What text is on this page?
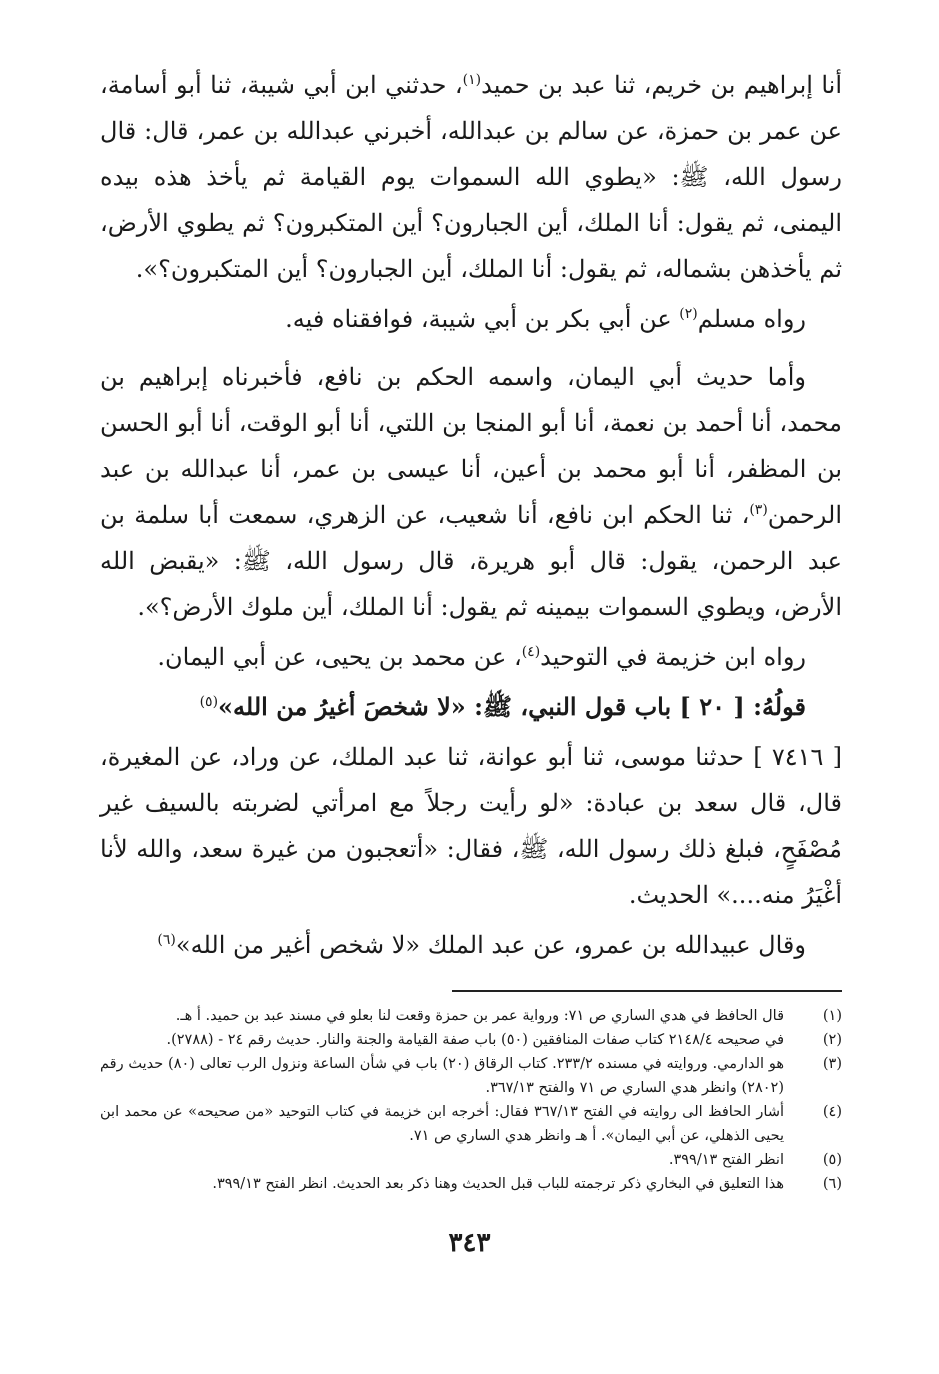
أنا إبراهيم بن خريم، ثنا عبد بن حميد$^{(١)}$، حدثني ابن أبي شيبة، ثنا أبو أسامة، عن عمر بن حمزة، عن سالم بن عبدالله، أخبرني عبدالله بن عمر، قال: قال رسول الله، ﷺ: «يطوي الله السموات يوم القيامة ثم يأخذ هذه بيده اليمنى، ثم يقول: أنا الملك، أين الجبارون؟ أين المتكبرون؟ ثم يطوي الأرض، ثم يأخذهن بشماله، ثم يقول: أنا الملك، أين الجبارون؟ أين المتكبرون؟».

رواه مسلم$^{(٢)}$ عن أبي بكر بن أبي شيبة، فوافقناه فيه.

وأما حديث أبي اليمان، واسمه الحكم بن نافع، فأخبرناه إبراهيم بن محمد، أنا أحمد بن نعمة، أنا أبو المنجا بن اللتي، أنا أبو الوقت، أنا أبو الحسن بن المظفر، أنا أبو محمد بن أعين، أنا عيسى بن عمر، أنا عبدالله بن عبد الرحمن$^{(٣)}$، ثنا الحكم ابن نافع، أنا شعيب، عن الزهري، سمعت أبا سلمة بن عبد الرحمن، يقول: قال أبو هريرة، قال رسول الله، ﷺ: «يقبض الله الأرض، ويطوي السموات بيمينه ثم يقول: أنا الملك، أين ملوك الأرض؟».

رواه ابن خزيمة في التوحيد$^{(٤)}$، عن محمد بن يحيى، عن أبي اليمان.

قولُهُ: [ ٢٠ ] باب قول النبي، ﷺ: «لا شخصَ أغيرُ من الله»$^{(٥)}$

[ ٧٤١٦ ] حدثنا موسى، ثنا أبو عوانة، ثنا عبد الملك، عن وراد، عن المغيرة، قال، قال سعد بن عبادة: «لو رأيت رجلاً مع امرأتي لضربته بالسيف غير مُصْفَحٍ، فبلغ ذلك رسول الله، ﷺ، فقال: «أتعجبون من غيرة سعد، والله لأنا أغْيَرُ منه....» الحديث.

وقال عبيدالله بن عمرو، عن عبد الملك «لا شخص أغير من الله»$^{(٦)}$

(١)
قال الحافظ في هدي الساري ص ٧١: ورواية عمر بن حمزة وقعت لنا بعلو في مسند عبد بن حميد. أ هـ.
(٢)
في صحيحه ٢١٤٨/٤ كتاب صفات المنافقين (٥٠) باب صفة القيامة والجنة والنار. حديث رقم ٢٤ - (٢٧٨٨).
(٣)
هو الدارمي. وروايته في مسنده ٢٣٣/٢. كتاب الرقاق (٢٠) باب في شأن الساعة ونزول الرب تعالى (٨٠) حديث رقم (٢٨٠٢) وانظر هدي الساري ص ٧١ والفتح ٣٦٧/١٣.
(٤)
أشار الحافظ الى روايته في الفتح ٣٦٧/١٣ فقال: أخرجه ابن خزيمة في كتاب التوحيد «من صحيحه» عن محمد ابن يحيى الذهلي، عن أبي اليمان». أ هـ وانظر هدي الساري ص ٧١.
(٥)
انظر الفتح ٣٩٩/١٣.
(٦)
هذا التعليق في البخاري ذكر ترجمته للباب قبل الحديث وهنا ذكر بعد الحديث. انظر الفتح ٣٩٩/١٣.
٣٤٣
